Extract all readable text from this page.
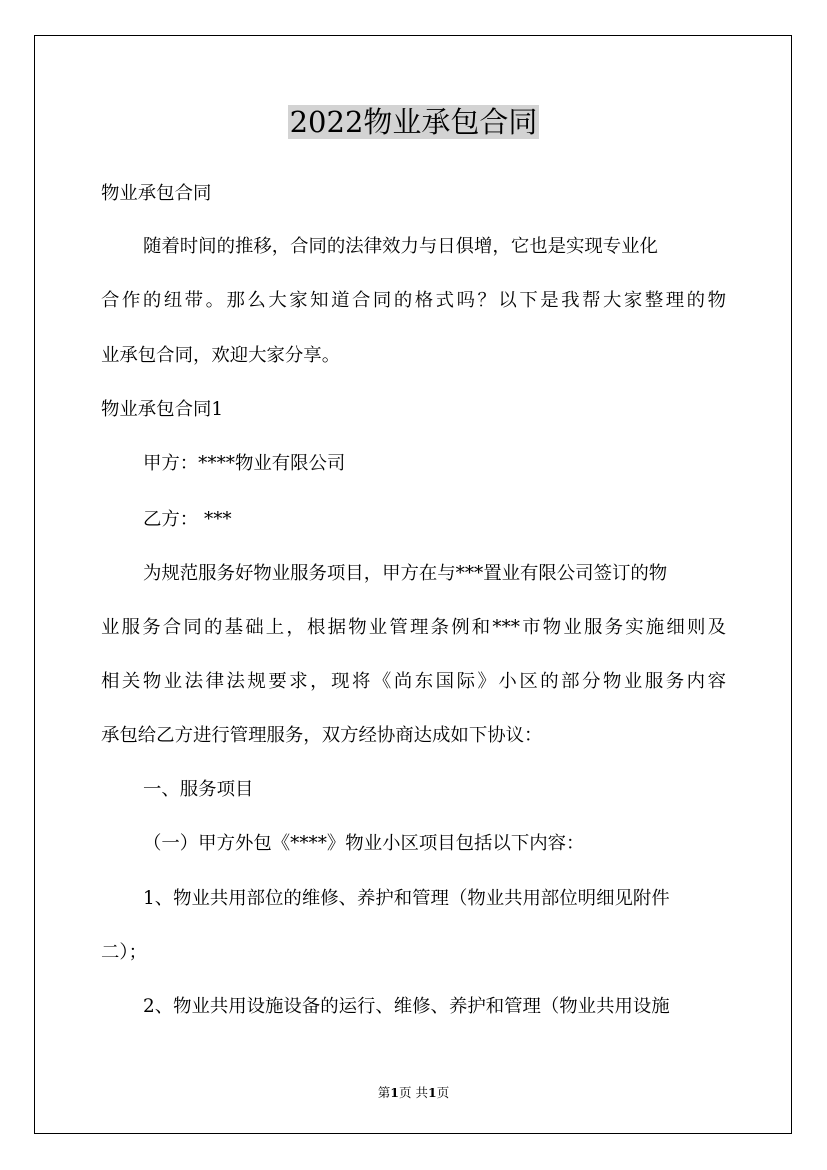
2022物业承包合同
物业承包合同
随着时间的推移，合同的法律效力与日俱增，它也是实现专业化
合作的纽带。那么大家知道合同的格式吗？以下是我帮大家整理的物
业承包合同，欢迎大家分享。
物业承包合同1
甲方：****物业有限公司
乙方： ***
为规范服务好物业服务项目，甲方在与***置业有限公司签订的物
业服务合同的基础上，根据物业管理条例和***市物业服务实施细则及
相关物业法律法规要求，现将《尚东国际》小区的部分物业服务内容
承包给乙方进行管理服务，双方经协商达成如下协议：
一、服务项目
（一）甲方外包《****》物业小区项目包括以下内容：
1、物业共用部位的维修、养护和管理（物业共用部位明细见附件
二）；
2、物业共用设施设备的运行、维修、养护和管理（物业共用设施
第1页 共1页
